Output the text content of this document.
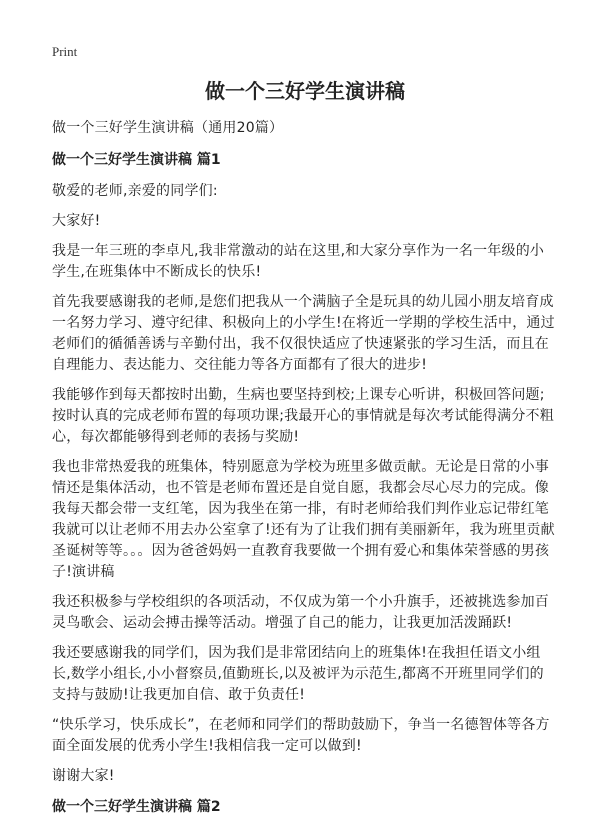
Print
做一个三好学生演讲稿

做一个三好学生演讲稿（通用20篇）

做一个三好学生演讲稿 篇1

敬爱的老师,亲爱的同学们:

大家好!

我是一年三班的李卓凡,我非常激动的站在这里,和大家分享作为一名一年级的小学生,在班集体中不断成长的快乐!

首先我要感谢我的老师,是您们把我从一个满脑子全是玩具的幼儿园小朋友培育成一名努力学习、遵守纪律、积极向上的小学生!在将近一学期的学校生活中，通过老师们的循循善诱与辛勤付出，我不仅很快适应了快速紧张的学习生活，而且在自理能力、表达能力、交往能力等各方面都有了很大的进步!

我能够作到每天都按时出勤，生病也要坚持到校;上课专心听讲，积极回答问题;按时认真的完成老师布置的每项功课;我最开心的事情就是每次考试能得满分不粗心，每次都能够得到老师的表扬与奖励!

我也非常热爱我的班集体，特别愿意为学校为班里多做贡献。无论是日常的小事情还是集体活动，也不管是老师布置还是自觉自愿，我都会尽心尽力的完成。像我每天都会带一支红笔，因为我坐在第一排，有时老师给我们判作业忘记带红笔我就可以让老师不用去办公室拿了!还有为了让我们拥有美丽新年，我为班里贡献圣诞树等等。。。因为爸爸妈妈一直教育我要做一个拥有爱心和集体荣誉感的男孩子!演讲稿

我还积极参与学校组织的各项活动，不仅成为第一个小升旗手，还被挑选参加百灵鸟歌会、运动会搏击操等活动。增强了自己的能力，让我更加活泼踊跃!

我还要感谢我的同学们，因为我们是非常团结向上的班集体!在我担任语文小组长,数学小组长,小小督察员,值勤班长,以及被评为示范生,都离不开班里同学们的支持与鼓励!让我更加自信、敢于负责任!

“快乐学习，快乐成长”，在老师和同学们的帮助鼓励下，争当一名德智体等各方面全面发展的优秀小学生!我相信我一定可以做到!

谢谢大家!

做一个三好学生演讲稿 篇2
